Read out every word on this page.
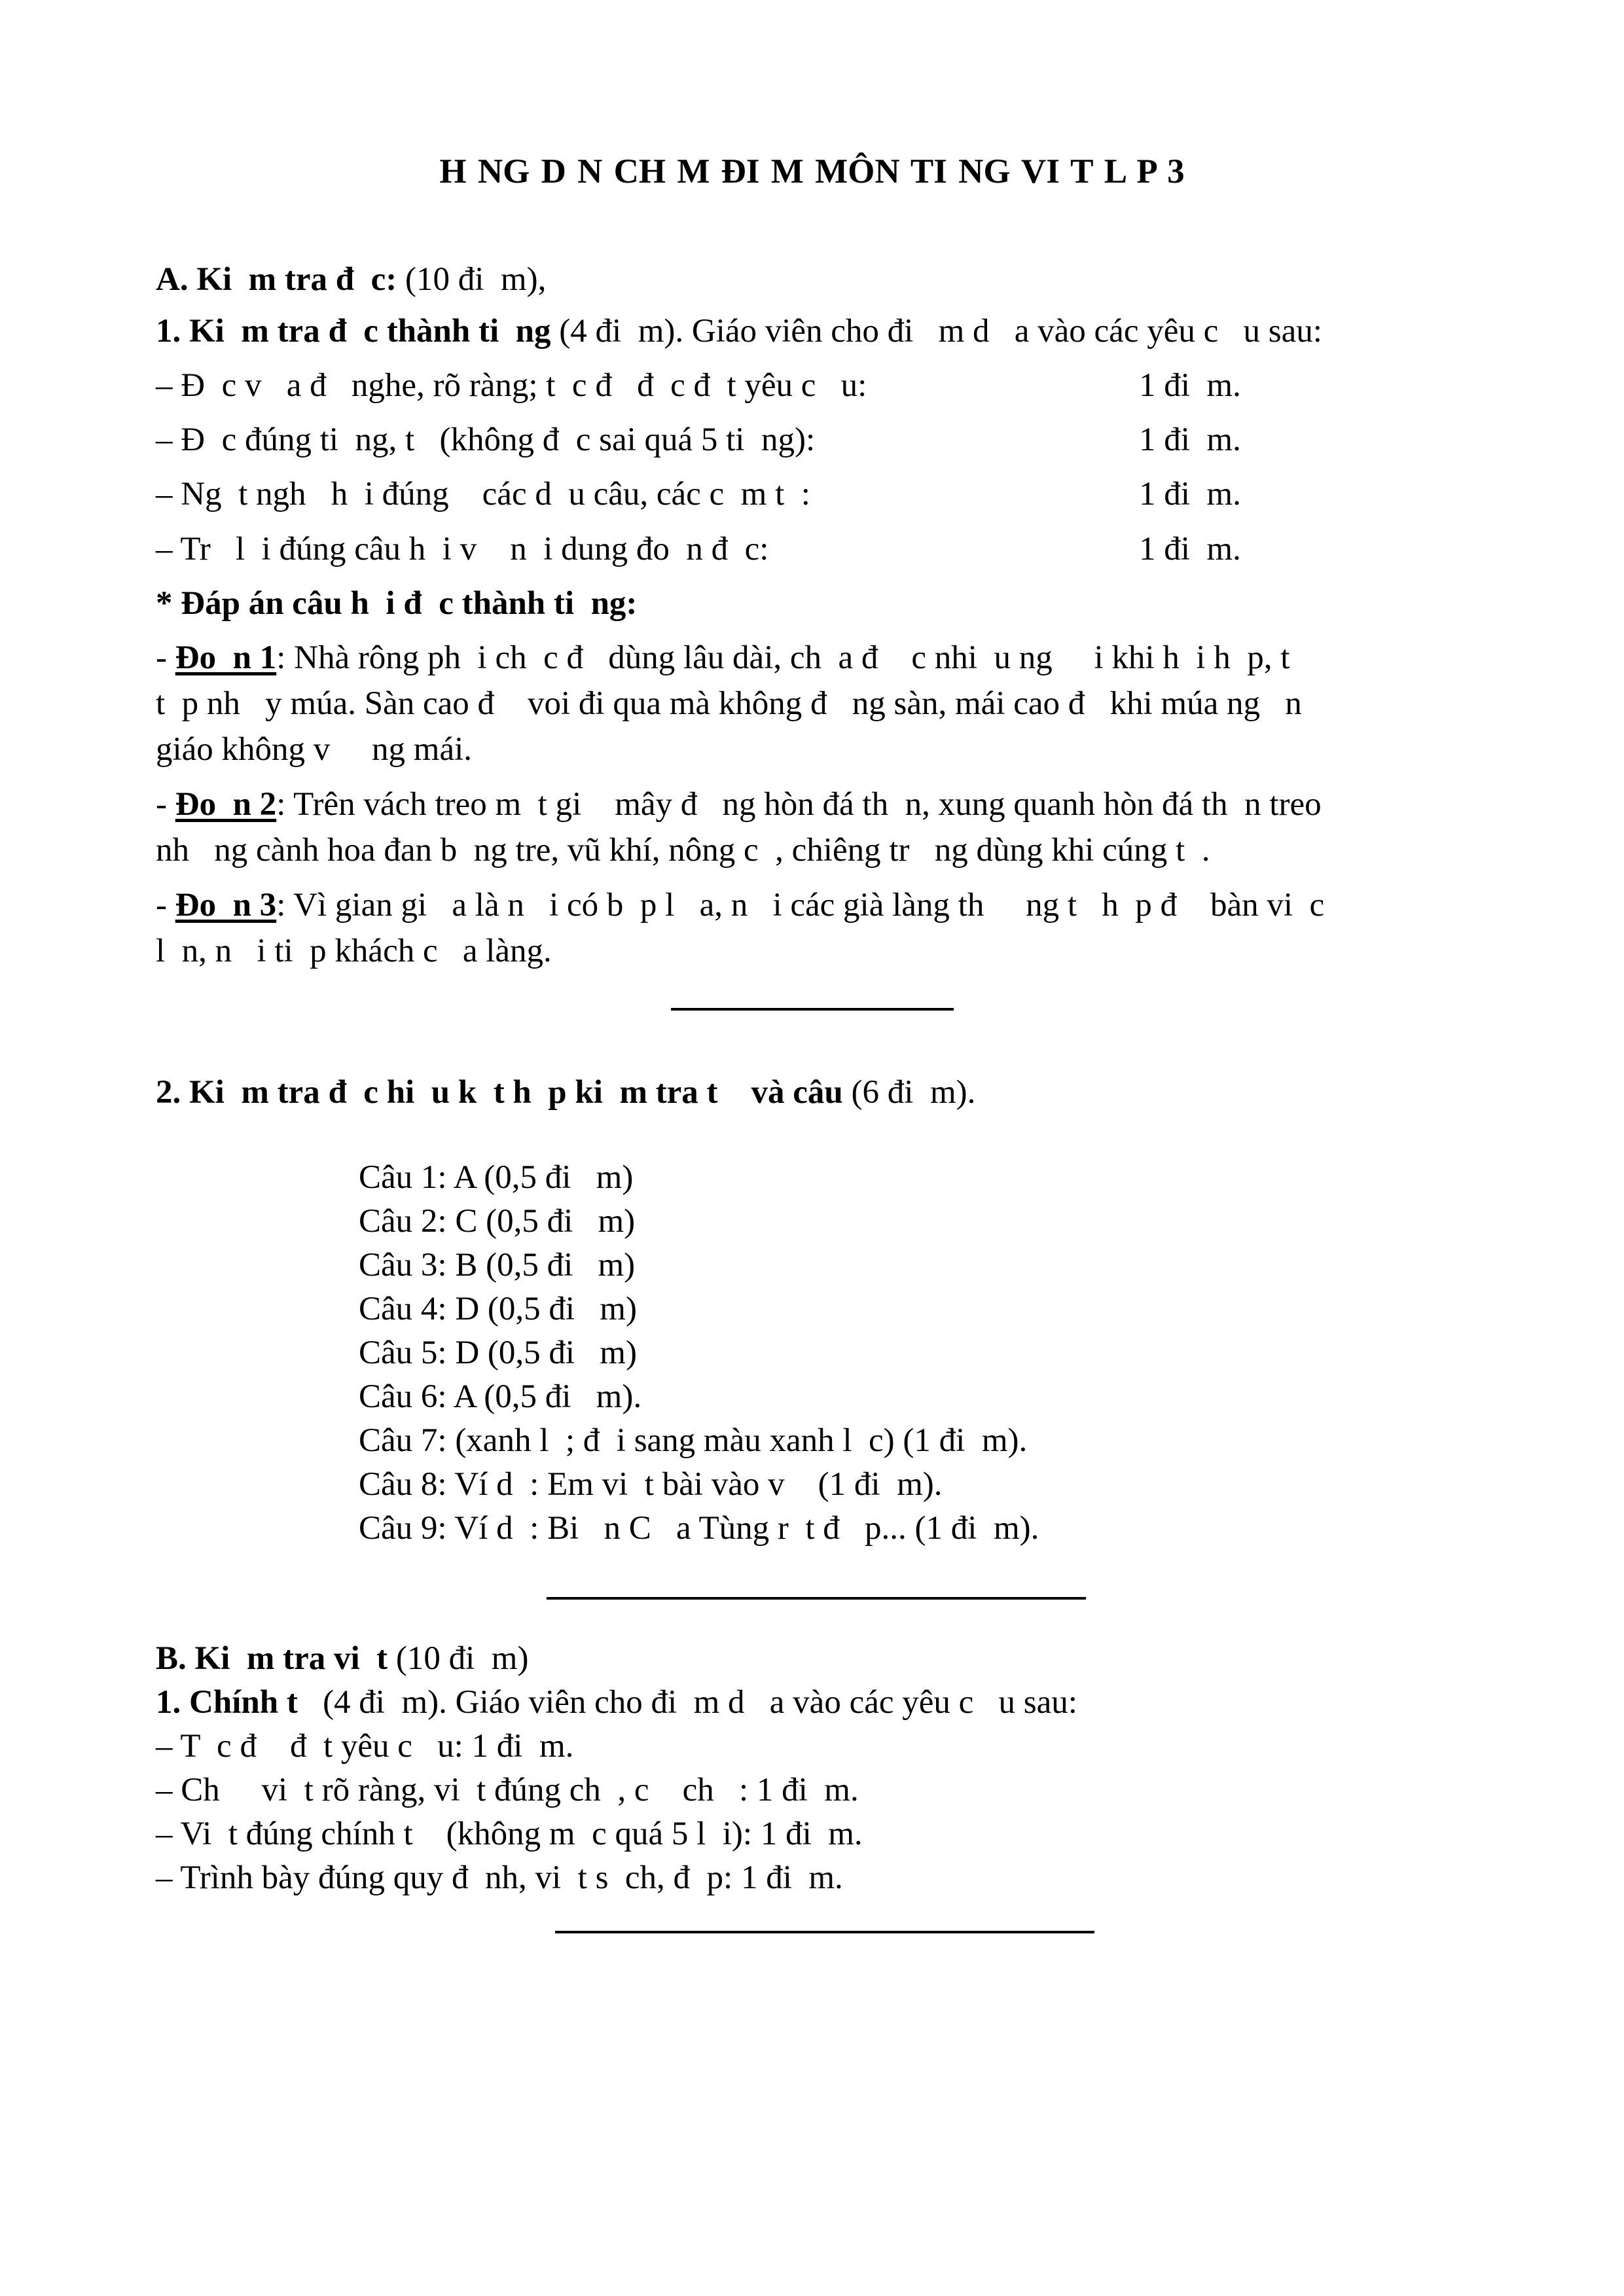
H NG D N CH M ĐI M MÔN TI NG VI T L P 3
A. Ki  m tra đ  c: (10 đi  m),
1. Ki  m tra đ  c thành ti  ng (4 đi  m). Giáo viên cho đi   m d   a vào các yêu c   u sau:
– Đ  c v   a đ   nghe, rõ ràng; t  c đ   đ  c đ  t yêu c   u:	1 đi  m.
– Đ  c đúng ti  ng, t   (không đ  c sai quá 5 ti  ng):	1 đi  m.
– Ng  t ngh   h  i đúng    các d  u câu, các c  m t  :	1 đi  m.
– Tr   l  i đúng câu h  i v    n  i dung đo  n đ  c:	1 đi  m.
* Đáp án câu h  i đ  c thành ti  ng:
- Đo  n 1: Nhà rông ph  i ch  c đ   dùng lâu dài, ch  a đ    c nhi  u ng     i khi h  i h  p, t
t  p nh   y múa. Sàn cao đ    voi đi qua mà không đ   ng sàn, mái cao đ   khi múa ng   n
giáo không v     ng mái.
- Đo  n 2: Trên vách treo m  t gi    mây đ   ng hòn đá th  n, xung quanh hòn đá th  n treo
nh   ng cành hoa đan b  ng tre, vũ khí, nông c  , chiêng tr   ng dùng khi cúng t  .
- Đo  n 3: Vì gian gi   a là n   i có b  p l   a, n   i các già làng th     ng t   h  p đ    bàn vi  c
l  n, n   i ti  p khách c   a làng.
2. Ki  m tra đ  c hi  u k  t h  p ki  m tra t    và câu (6 đi  m).
Câu 1: A (0,5 đi   m)
Câu 2: C (0,5 đi   m)
Câu 3: B (0,5 đi   m)
Câu 4: D (0,5 đi   m)
Câu 5: D (0,5 đi   m)
Câu 6: A (0,5 đi   m).
Câu 7: (xanh l  ; đ  i sang màu xanh l  c) (1 đi  m).
Câu 8: Ví d  : Em vi  t bài vào v    (1 đi  m).
Câu 9: Ví d  : Bi   n C   a Tùng r  t đ   p... (1 đi  m).
B. Ki  m tra vi  t (10 đi  m)
1. Chính t   (4 đi  m). Giáo viên cho đi  m d   a vào các yêu c   u sau:
– T  c đ    đ  t yêu c   u: 1 đi  m.
– Ch     vi  t rõ ràng, vi  t đúng ch  , c    ch   : 1 đi  m.
– Vi  t đúng chính t    (không m  c quá 5 l  i): 1 đi  m.
– Trình bày đúng quy đ  nh, vi  t s  ch, đ  p: 1 đi  m.
